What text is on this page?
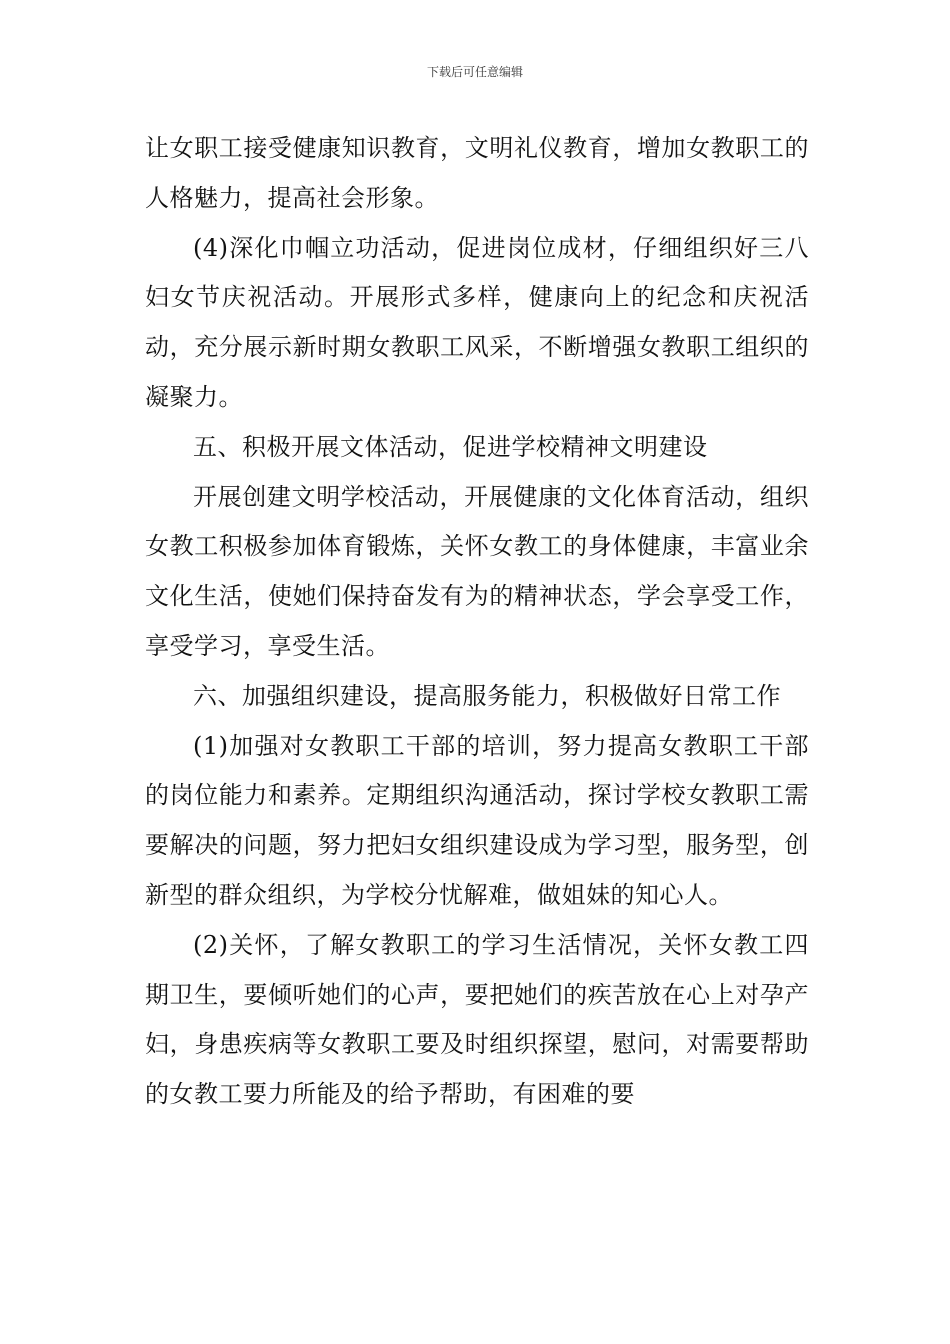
下载后可任意编辑

让女职工接受健康知识教育，文明礼仪教育，增加女教职工的人格魅力，提高社会形象。

(4)深化巾帼立功活动，促进岗位成材，仔细组织好三八妇女节庆祝活动。开展形式多样，健康向上的纪念和庆祝活动，充分展示新时期女教职工风采，不断增强女教职工组织的凝聚力。

五、积极开展文体活动，促进学校精神文明建设

开展创建文明学校活动，开展健康的文化体育活动，组织女教工积极参加体育锻炼，关怀女教工的身体健康，丰富业余文化生活，使她们保持奋发有为的精神状态，学会享受工作，享受学习，享受生活。

六、加强组织建设，提高服务能力，积极做好日常工作

(1)加强对女教职工干部的培训，努力提高女教职工干部的岗位能力和素养。定期组织沟通活动，探讨学校女教职工需要解决的问题，努力把妇女组织建设成为学习型，服务型，创新型的群众组织，为学校分忧解难，做姐妹的知心人。

(2)关怀，了解女教职工的学习生活情况，关怀女教工四期卫生，要倾听她们的心声，要把她们的疾苦放在心上对孕产妇，身患疾病等女教职工要及时组织探望，慰问，对需要帮助的女教工要力所能及的给予帮助，有困难的要
